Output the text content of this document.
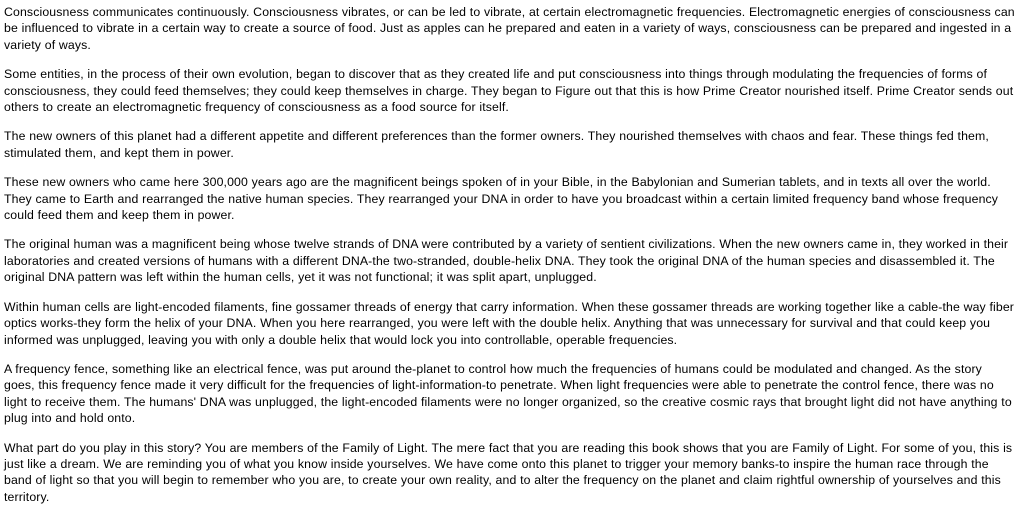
Consciousness communicates continuously. Consciousness vibrates, or can be led to vibrate, at certain electromagnetic frequencies. Electromagnetic energies of consciousness can be influenced to vibrate in a certain way to create a source of food. Just as apples can he prepared and eaten in a variety of ways, consciousness can be prepared and ingested in a variety of ways.

Some entities, in the process of their own evolution, began to discover that as they created life and put consciousness into things through modulating the frequencies of forms of consciousness, they could feed themselves; they could keep themselves in charge. They began to Figure out that this is how Prime Creator nourished itself. Prime Creator sends out others to create an electromagnetic frequency of consciousness as a food source for itself.

The new owners of this planet had a different appetite and different preferences than the former owners. They nourished themselves with chaos and fear. These things fed them, stimulated them, and kept them in power.

These new owners who came here 300,000 years ago are the magnificent beings spoken of in your Bible, in the Babylonian and Sumerian tablets, and in texts all over the world. They came to Earth and rearranged the native human species. They rearranged your DNA in order to have you broadcast within a certain limited frequency band whose frequency could feed them and keep them in power.

The original human was a magnificent being whose twelve strands of DNA were contributed by a variety of sentient civilizations. When the new owners came in, they worked in their laboratories and created versions of humans with a different DNA-the two-stranded, double-helix DNA. They took the original DNA of the human species and disassembled it. The original DNA pattern was left within the human cells, yet it was not functional; it was split apart, unplugged.

Within human cells are light-encoded filaments, fine gossamer threads of energy that carry information. When these gossamer threads are working together like a cable-the way fiber optics works-they form the helix of your DNA. When you here rearranged, you were left with the double helix. Anything that was unnecessary for survival and that could keep you informed was unplugged, leaving you with only a double helix that would lock you into controllable, operable frequencies.

A frequency fence, something like an electrical fence, was put around the-planet to control how much the frequencies of humans could be modulated and changed. As the story goes, this frequency fence made it very difficult for the frequencies of light-information-to penetrate. When light frequencies were able to penetrate the control fence, there was no light to receive them. The humans' DNA was unplugged, the light-encoded filaments were no longer organized, so the creative cosmic rays that brought light did not have anything to plug into and hold onto.

What part do you play in this story? You are members of the Family of Light. The mere fact that you are reading this book shows that you are Family of Light. For some of you, this is just like a dream. We are reminding you of what you know inside yourselves. We have come onto this planet to trigger your memory banks-to inspire the human race through the band of light so that you will begin to remember who you are, to create your own reality, and to alter the frequency on the planet and claim rightful ownership of yourselves and this territory.
